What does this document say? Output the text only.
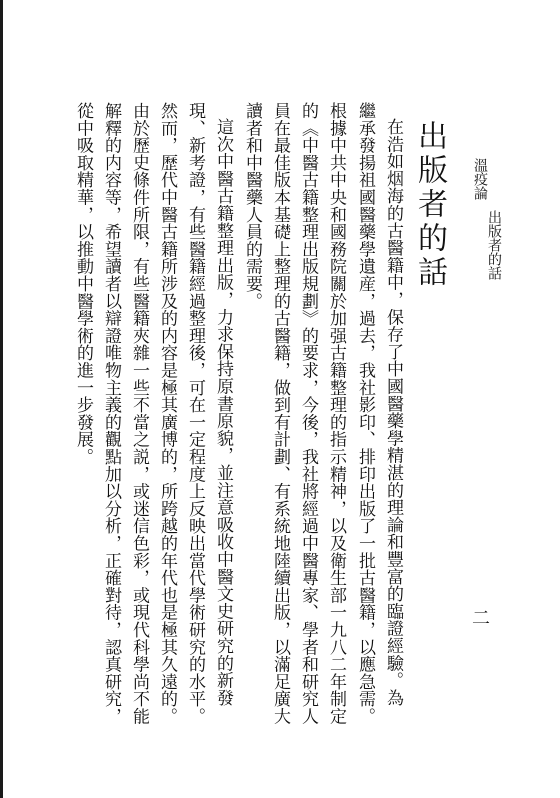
溫疫論
出版者的話
二
出版者的話
在浩如烟海的古醫籍中，保存了中國醫藥學精湛的理論和豐富的臨證經驗。為
繼承發揚祖國醫藥學遺産，過去，我社影印、排印出版了一批古醫籍，以應急需。
根據中共中央和國務院關於加强古籍整理的指示精神，以及衛生部一九八二年制定
的《中醫古籍整理出版規劃》的要求，今後，我社將經過中醫專家、學者和研究人
員在最佳版本基礎上整理的古醫籍，做到有計劃、有系統地陸續出版，以滿足廣大
讀者和中醫藥人員的需要。
這次中醫古籍整理出版，力求保持原書原貌，並注意吸收中醫文史研究的新發
現、新考證，有些醫籍經過整理後，可在一定程度上反映出當代學術研究的水平。
然而，歷代中醫古籍所涉及的内容是極其廣博的，所跨越的年代也是極其久遠的。
由於歷史條件所限，有些醫籍夾雜一些不當之説，或迷信色彩，或現代科學尚不能
解釋的内容等，希望讀者以辯證唯物主義的觀點加以分析，正確對待，認真研究，
從中吸取精華，以推動中醫學術的進一步發展。
